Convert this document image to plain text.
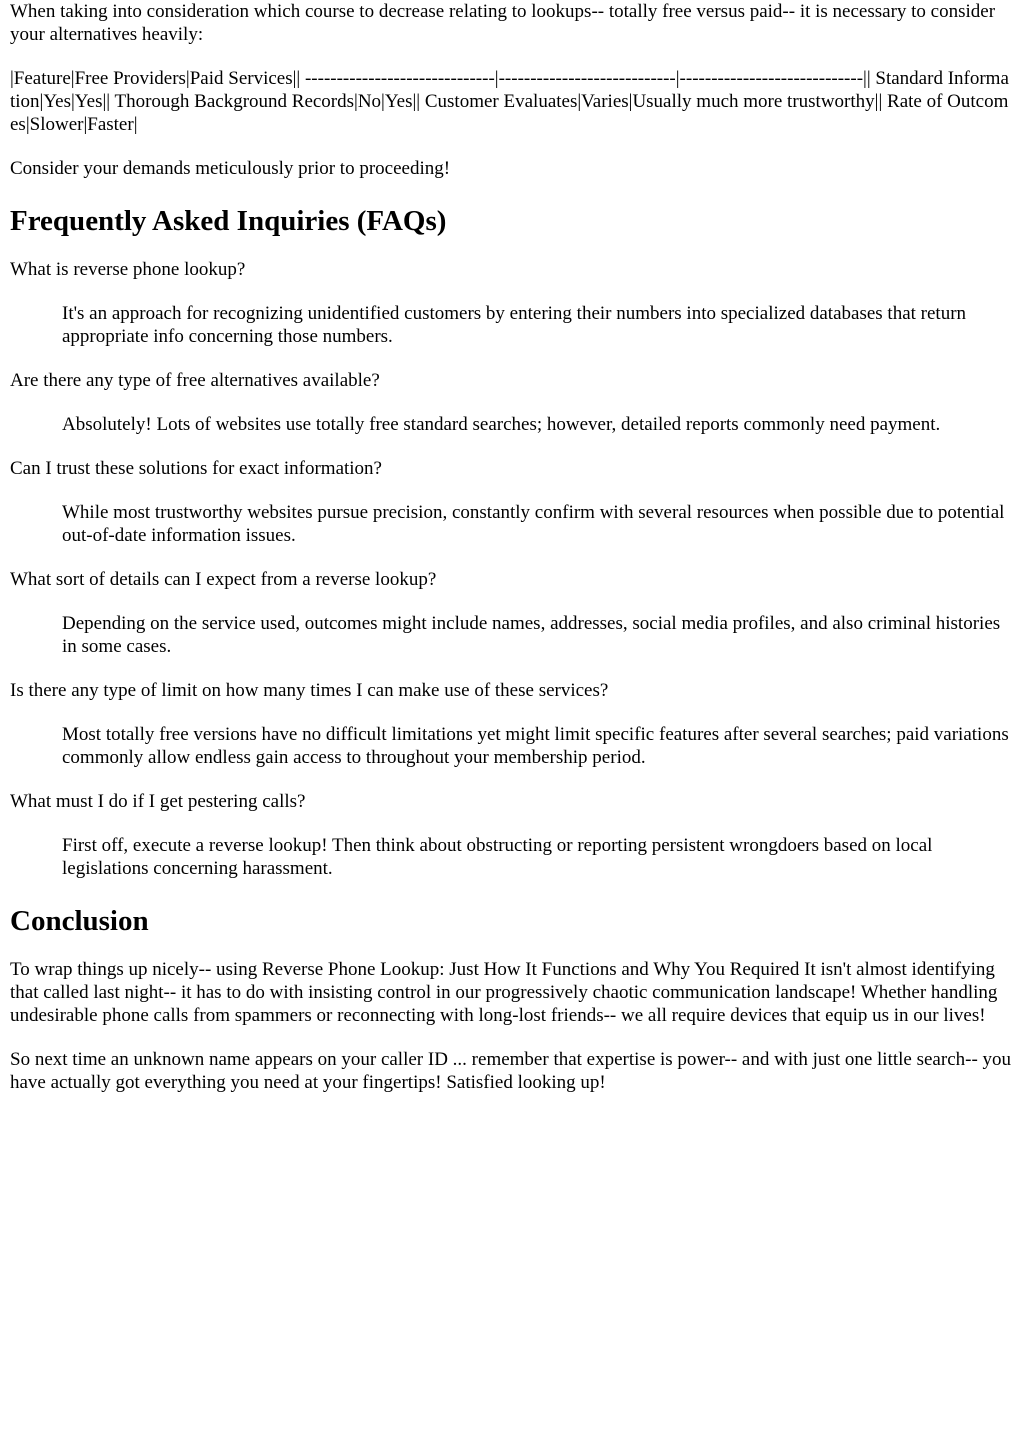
When taking into consideration which course to decrease relating to lookups-- totally free versus paid-- it is necessary to consider your alternatives heavily:

|Feature|Free Providers|Paid Services|| ------------------------------|----------------------------|-----------------------------|| Standard Information|Yes|Yes|| Thorough Background Records|No|Yes|| Customer Evaluates|Varies|Usually much more trustworthy|| Rate of Outcomes|Slower|Faster|

Consider your demands meticulously prior to proceeding!

Frequently Asked Inquiries (FAQs)
What is reverse phone lookup?
It's an approach for recognizing unidentified customers by entering their numbers into specialized databases that return appropriate info concerning those numbers.
Are there any type of free alternatives available?
Absolutely! Lots of websites use totally free standard searches; however, detailed reports commonly need payment.
Can I trust these solutions for exact information?
While most trustworthy websites pursue precision, constantly confirm with several resources when possible due to potential out-of-date information issues.
What sort of details can I expect from a reverse lookup?
Depending on the service used, outcomes might include names, addresses, social media profiles, and also criminal histories in some cases.
Is there any type of limit on how many times I can make use of these services?
Most totally free versions have no difficult limitations yet might limit specific features after several searches; paid variations commonly allow endless gain access to throughout your membership period.
What must I do if I get pestering calls?
First off, execute a reverse lookup! Then think about obstructing or reporting persistent wrongdoers based on local legislations concerning harassment.
Conclusion

To wrap things up nicely-- using Reverse Phone Lookup: Just How It Functions and Why You Required It isn't almost identifying that called last night-- it has to do with insisting control in our progressively chaotic communication landscape! Whether handling undesirable phone calls from spammers or reconnecting with long-lost friends-- we all require devices that equip us in our lives!

So next time an unknown name appears on your caller ID ... remember that expertise is power-- and with just one little search-- you have actually got everything you need at your fingertips! Satisfied looking up!
